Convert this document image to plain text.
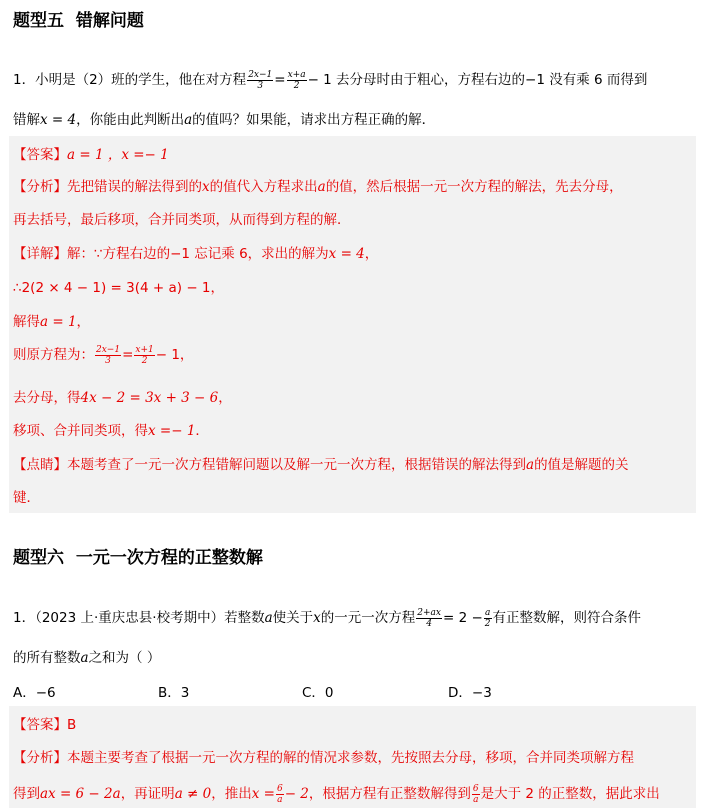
题型五  错解问题
1．小明是（2）班的学生，他在对方程 $\frac{2x-1}{3} = \frac{x+a}{2} - 1$ 去分母时由于粗心，方程右边的−1 没有乘 6 而得到
错解x = 4，你能由此判断出a的值吗？如果能，请求出方程正确的解．
【答案】a = 1 ，x =− 1
【分析】先把错误的解法得到的x的值代入方程求出a的值，然后根据一元一次方程的解法，先去分母，
再去括号，最后移项，合并同类项，从而得到方程的解．
【详解】解：∵方程右边的−1 忘记乘 6，求出的解为x = 4，
∴2(2 × 4 − 1) = 3(4 + a) − 1，
解得a = 1，
则原方程为： $\frac{2x-1}{3} = \frac{x+1}{2} - 1$，
去分母，得4x − 2 = 3x + 3 − 6，
移项、合并同类项，得x =− 1．
【点睛】本题考查了一元一次方程错解问题以及解一元一次方程，根据错误的解法得到a的值是解题的关
键．
题型六  一元一次方程的正整数解
1．（2023 上·重庆忠县·校考期中）若整数a使关于x的一元一次方程 $\frac{2+ax}{4} = 2 - \frac{a}{2}$ 有正整数解，则符合条件
的所有整数a之和为（ ）
A．−6	B．3	C．0	D．−3
【答案】B
【分析】本题主要考查了根据一元一次方程的解的情况求参数，先按照去分母，移项，合并同类项解方程
得到ax = 6 − 2a，再证明a ≠ 0，推出$x = \frac{6}{a} - 2$，根据方程有正整数解得到 $\frac{6}{a}$ 是大于 2 的正整数，据此求出
